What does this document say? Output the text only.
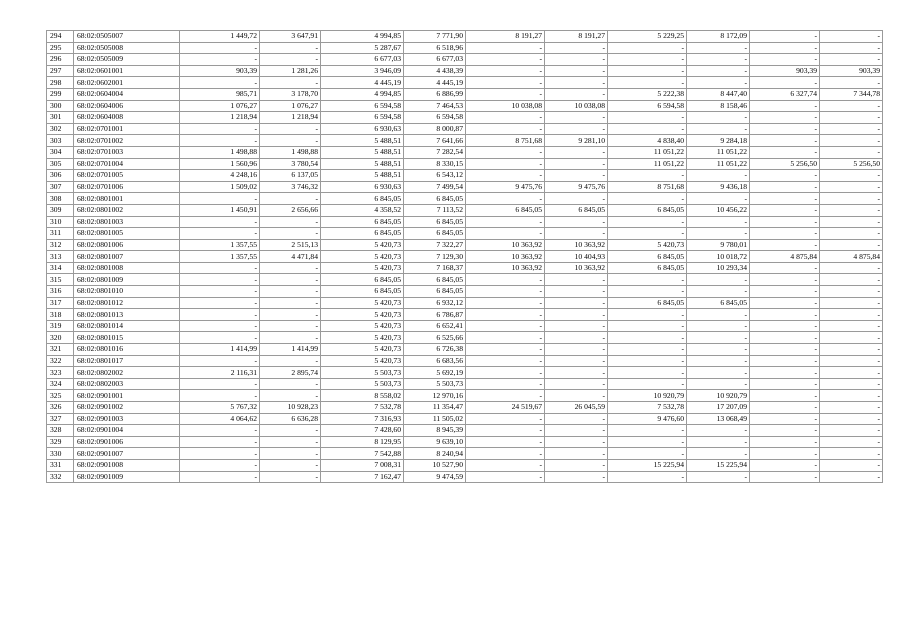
294	68:02:0505007	1 449,72	3 647,91	4 994,85	7 771,90	8 191,27	8 191,27	5 229,25	8 172,09	-	-
295	68:02:0505008	-	-	5 287,67	6 518,96	-	-	-	-	-	-
296	68:02:0505009	-	-	6 677,03	6 677,03	-	-	-	-	-	-
297	68:02:0601001	903,39	1 281,26	3 946,09	4 438,39	-	-	-	-	903,39	903,39
298	68:02:0602001	-	-	4 445,19	4 445,19	-	-	-	-	-	-
299	68:02:0604004	985,71	3 178,70	4 994,85	6 886,99	-	-	5 222,38	8 447,40	6 327,74	7 344,78
300	68:02:0604006	1 076,27	1 076,27	6 594,58	7 464,53	10 038,08	10 038,08	6 594,58	8 158,46	-	-
301	68:02:0604008	1 218,94	1 218,94	6 594,58	6 594,58	-	-	-	-	-	-
302	68:02:0701001	-	-	6 930,63	8 000,87	-	-	-	-	-	-
303	68:02:0701002	-	-	5 488,51	7 641,66	8 751,68	9 281,10	4 838,40	9 284,18	-	-
304	68:02:0701003	1 498,88	1 498,88	5 488,51	7 282,54	-	-	11 051,22	11 051,22	-	-
305	68:02:0701004	1 560,96	3 780,54	5 488,51	8 330,15	-	-	11 051,22	11 051,22	5 256,50	5 256,50
306	68:02:0701005	4 248,16	6 137,05	5 488,51	6 543,12	-	-	-	-	-	-
307	68:02:0701006	1 509,02	3 746,32	6 930,63	7 499,54	9 475,76	9 475,76	8 751,68	9 436,18	-	-
308	68:02:0801001	-	-	6 845,05	6 845,05	-	-	-	-	-	-
309	68:02:0801002	1 450,91	2 656,66	4 358,52	7 113,52	6 845,05	6 845,05	6 845,05	10 456,22	-	-
310	68:02:0801003	-	-	6 845,05	6 845,05	-	-	-	-	-	-
311	68:02:0801005	-	-	6 845,05	6 845,05	-	-	-	-	-	-
312	68:02:0801006	1 357,55	2 515,13	5 420,73	7 322,27	10 363,92	10 363,92	5 420,73	9 780,01	-	-
313	68:02:0801007	1 357,55	4 471,84	5 420,73	7 129,30	10 363,92	10 404,93	6 845,05	10 018,72	4 875,84	4 875,84
314	68:02:0801008	-	-	5 420,73	7 168,37	10 363,92	10 363,92	6 845,05	10 293,34	-	-
315	68:02:0801009	-	-	6 845,05	6 845,05	-	-	-	-	-	-
316	68:02:0801010	-	-	6 845,05	6 845,05	-	-	-	-	-	-
317	68:02:0801012	-	-	5 420,73	6 932,12	-	-	6 845,05	6 845,05	-	-
318	68:02:0801013	-	-	5 420,73	6 786,87	-	-	-	-	-	-
319	68:02:0801014	-	-	5 420,73	6 652,41	-	-	-	-	-	-
320	68:02:0801015	-	-	5 420,73	6 525,66	-	-	-	-	-	-
321	68:02:0801016	1 414,99	1 414,99	5 420,73	6 726,38	-	-	-	-	-	-
322	68:02:0801017	-	-	5 420,73	6 683,56	-	-	-	-	-	-
323	68:02:0802002	2 116,31	2 895,74	5 503,73	5 692,19	-	-	-	-	-	-
324	68:02:0802003	-	-	5 503,73	5 503,73	-	-	-	-	-	-
325	68:02:0901001	-	-	8 558,02	12 970,16	-	-	10 920,79	10 920,79	-	-
326	68:02:0901002	5 767,32	10 928,23	7 532,78	11 354,47	24 519,67	26 045,59	7 532,78	17 207,09	-	-
327	68:02:0901003	4 064,62	6 636,28	7 316,93	11 505,02	-	-	9 476,60	13 068,49	-	-
328	68:02:0901004	-	-	7 428,60	8 945,39	-	-	-	-	-	-
329	68:02:0901006	-	-	8 129,95	9 639,10	-	-	-	-	-	-
330	68:02:0901007	-	-	7 542,88	8 240,94	-	-	-	-	-	-
331	68:02:0901008	-	-	7 008,31	10 527,90	-	-	15 225,94	15 225,94	-	-
332	68:02:0901009	-	-	7 162,47	9 474,59	-	-	-	-	-	-
